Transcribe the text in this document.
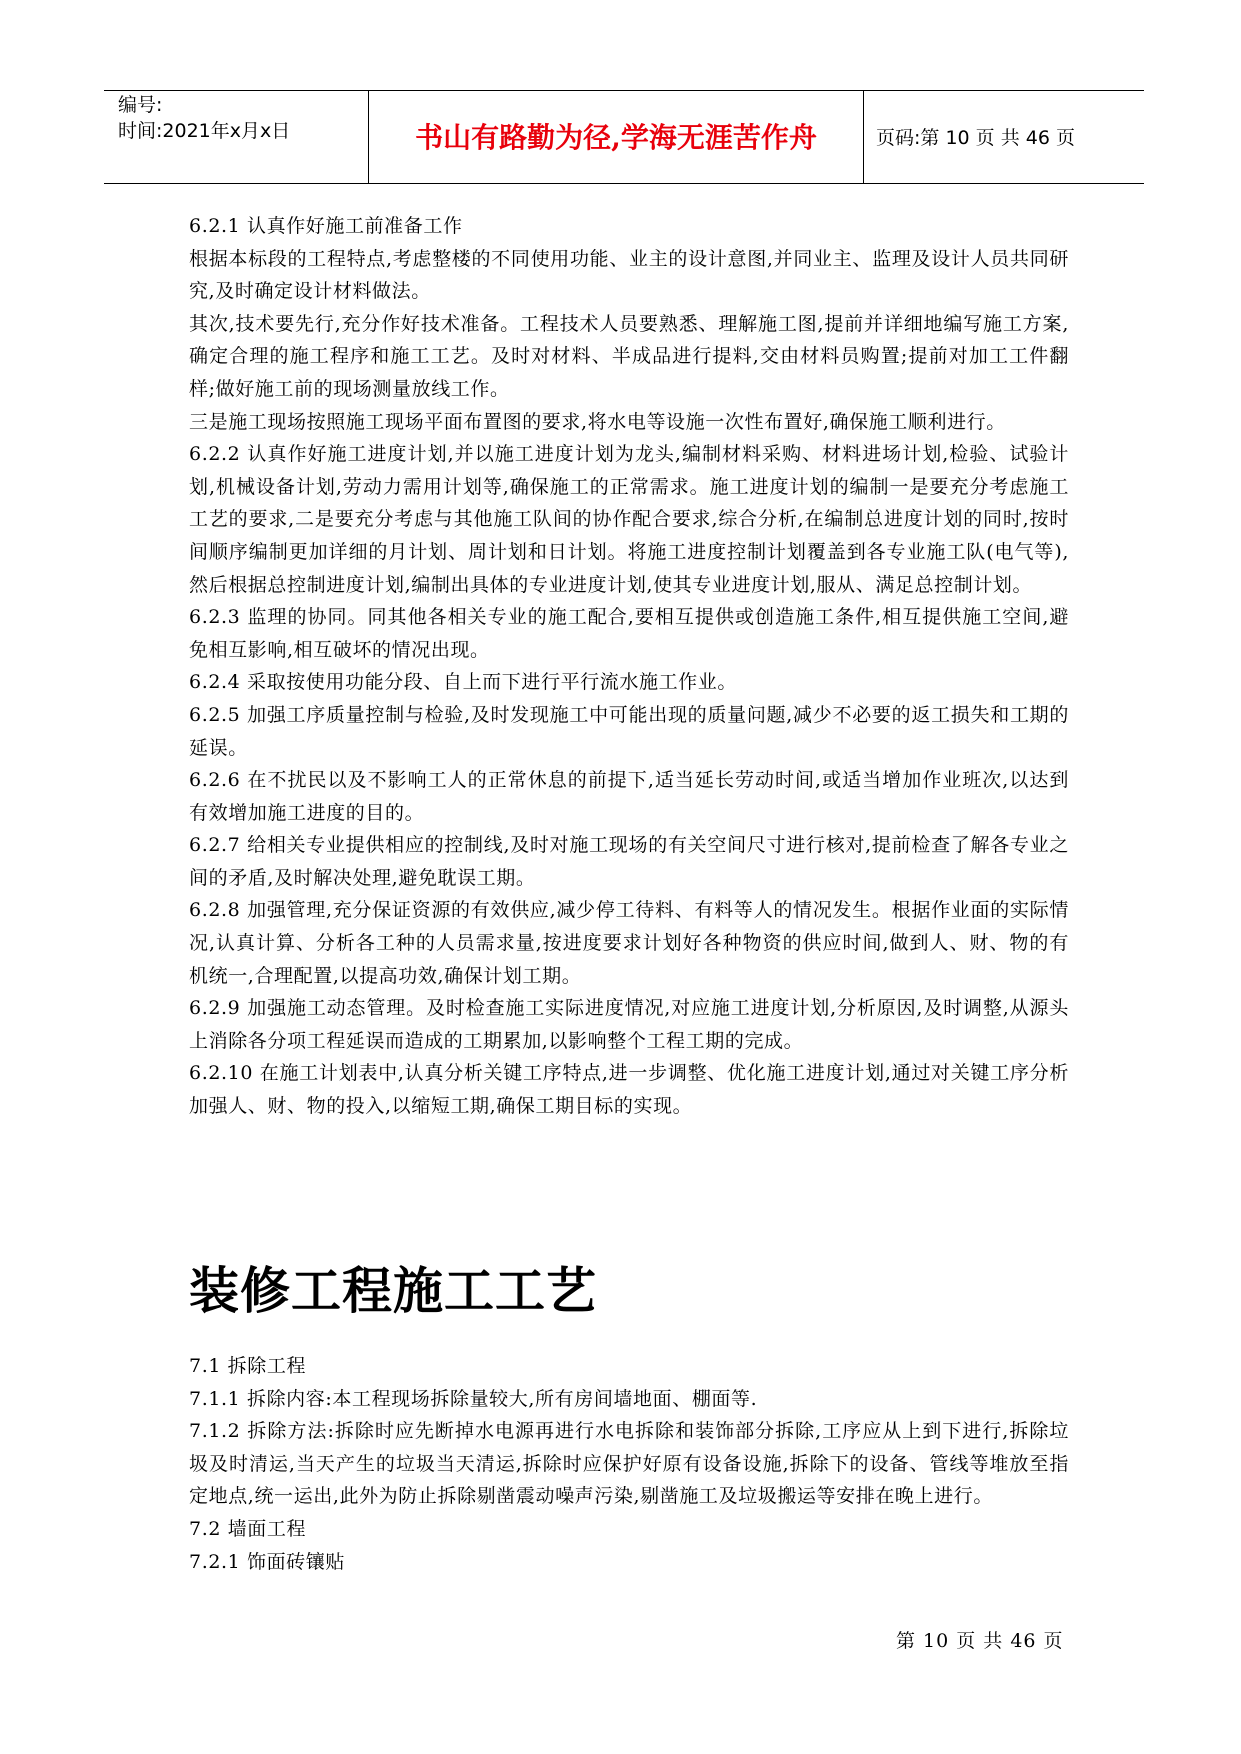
编号:
时间:2021年x月x日	书山有路勤为径,学海无涯苦作舟	页码:第 10 页 共 46 页

6.2.1 认真作好施工前准备工作

根据本标段的工程特点,考虑整楼的不同使用功能、业主的设计意图,并同业主、监理及设计人员共同研究,及时确定设计材料做法。

其次,技术要先行,充分作好技术准备。工程技术人员要熟悉、理解施工图,提前并详细地编写施工方案,确定合理的施工程序和施工工艺。及时对材料、半成品进行提料,交由材料员购置;提前对加工工件翻样;做好施工前的现场测量放线工作。

三是施工现场按照施工现场平面布置图的要求,将水电等设施一次性布置好,确保施工顺利进行。

6.2.2 认真作好施工进度计划,并以施工进度计划为龙头,编制材料采购、材料进场计划,检验、试验计划,机械设备计划,劳动力需用计划等,确保施工的正常需求。施工进度计划的编制一是要充分考虑施工工艺的要求,二是要充分考虑与其他施工队间的协作配合要求,综合分析,在编制总进度计划的同时,按时间顺序编制更加详细的月计划、周计划和日计划。将施工进度控制计划覆盖到各专业施工队(电气等),然后根据总控制进度计划,编制出具体的专业进度计划,使其专业进度计划,服从、满足总控制计划。

6.2.3 监理的协同。同其他各相关专业的施工配合,要相互提供或创造施工条件,相互提供施工空间,避免相互影响,相互破坏的情况出现。

6.2.4 采取按使用功能分段、自上而下进行平行流水施工作业。

6.2.5 加强工序质量控制与检验,及时发现施工中可能出现的质量问题,减少不必要的返工损失和工期的延误。

6.2.6 在不扰民以及不影响工人的正常休息的前提下,适当延长劳动时间,或适当增加作业班次,以达到有效增加施工进度的目的。

6.2.7 给相关专业提供相应的控制线,及时对施工现场的有关空间尺寸进行核对,提前检查了解各专业之间的矛盾,及时解决处理,避免耽误工期。

6.2.8 加强管理,充分保证资源的有效供应,减少停工待料、有料等人的情况发生。根据作业面的实际情况,认真计算、分析各工种的人员需求量,按进度要求计划好各种物资的供应时间,做到人、财、物的有机统一,合理配置,以提高功效,确保计划工期。

6.2.9 加强施工动态管理。及时检查施工实际进度情况,对应施工进度计划,分析原因,及时调整,从源头上消除各分项工程延误而造成的工期累加,以影响整个工程工期的完成。

6.2.10 在施工计划表中,认真分析关键工序特点,进一步调整、优化施工进度计划,通过对关键工序分析加强人、财、物的投入,以缩短工期,确保工期目标的实现。

装修工程施工工艺

7.1 拆除工程

7.1.1 拆除内容:本工程现场拆除量较大,所有房间墙地面、棚面等.

7.1.2 拆除方法:拆除时应先断掉水电源再进行水电拆除和装饰部分拆除,工序应从上到下进行,拆除垃圾及时清运,当天产生的垃圾当天清运,拆除时应保护好原有设备设施,拆除下的设备、管线等堆放至指定地点,统一运出,此外为防止拆除剔凿震动噪声污染,剔凿施工及垃圾搬运等安排在晚上进行。

7.2 墙面工程

7.2.1 饰面砖镶贴

第 10 页 共 46 页
